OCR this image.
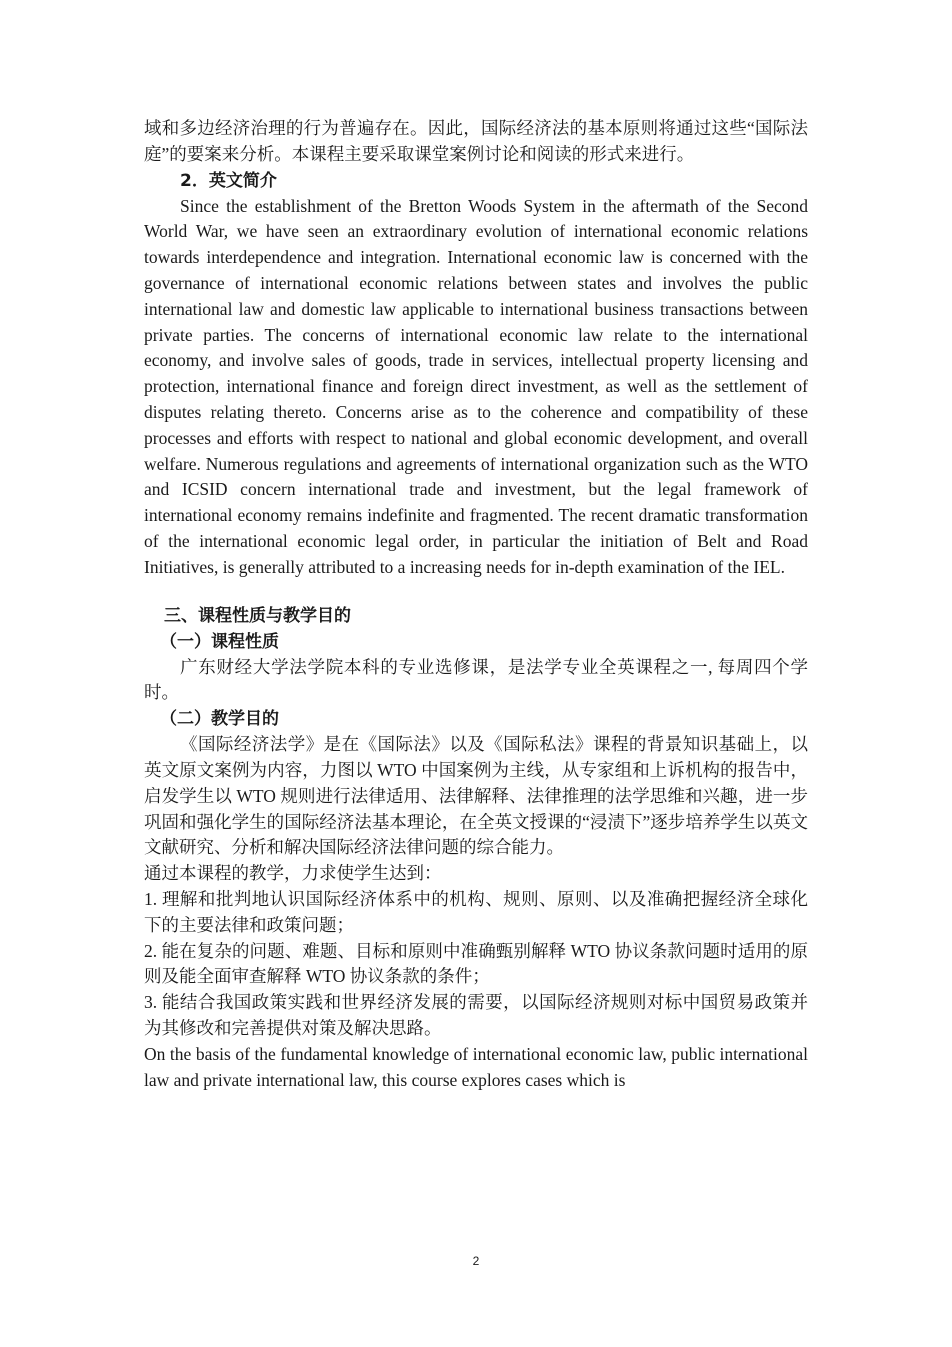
域和多边经济治理的行为普遍存在。因此，国际经济法的基本原则将通过这些“国际法庭”的要案来分析。本课程主要采取课堂案例讨论和阅读的形式来进行。

2．英文简介

Since the establishment of the Bretton Woods System in the aftermath of the Second World War, we have seen an extraordinary evolution of international economic relations towards interdependence and integration. International economic law is concerned with the governance of international economic relations between states and involves the public international law and domestic law applicable to international business transactions between private parties. The concerns of international economic law relate to the international economy, and involve sales of goods, trade in services, intellectual property licensing and protection, international finance and foreign direct investment, as well as the settlement of disputes relating thereto. Concerns arise as to the coherence and compatibility of these processes and efforts with respect to national and global economic development, and overall welfare. Numerous regulations and agreements of international organization such as the WTO and ICSID concern international trade and investment, but the legal framework of international economy remains indefinite and fragmented. The recent dramatic transformation of the international economic legal order, in particular the initiation of Belt and Road Initiatives, is generally attributed to a increasing needs for in-depth examination of the IEL.

三、课程性质与教学目的

（一）课程性质

广东财经大学法学院本科的专业选修课，是法学专业全英课程之一, 每周四个学时。

（二）教学目的

《国际经济法学》是在《国际法》以及《国际私法》课程的背景知识基础上，以英文原文案例为内容，力图以 WTO 中国案例为主线，从专家组和上诉机构的报告中，启发学生以 WTO 规则进行法律适用、法律解释、法律推理的法学思维和兴趣，进一步巩固和强化学生的国际经济法基本理论，在全英文授课的“浸渍下”逐步培养学生以英文文献研究、分析和解决国际经济法律问题的综合能力。

通过本课程的教学，力求使学生达到：

1. 理解和批判地认识国际经济体系中的机构、规则、原则、以及准确把握经济全球化下的主要法律和政策问题；

2. 能在复杂的问题、难题、目标和原则中准确甄别解释 WTO 协议条款问题时适用的原则及能全面审查解释 WTO 协议条款的条件；

3. 能结合我国政策实践和世界经济发展的需要，以国际经济规则对标中国贸易政策并为其修改和完善提供对策及解决思路。

On the basis of the fundamental knowledge of international economic law, public international law and private international law, this course explores cases which is

2
